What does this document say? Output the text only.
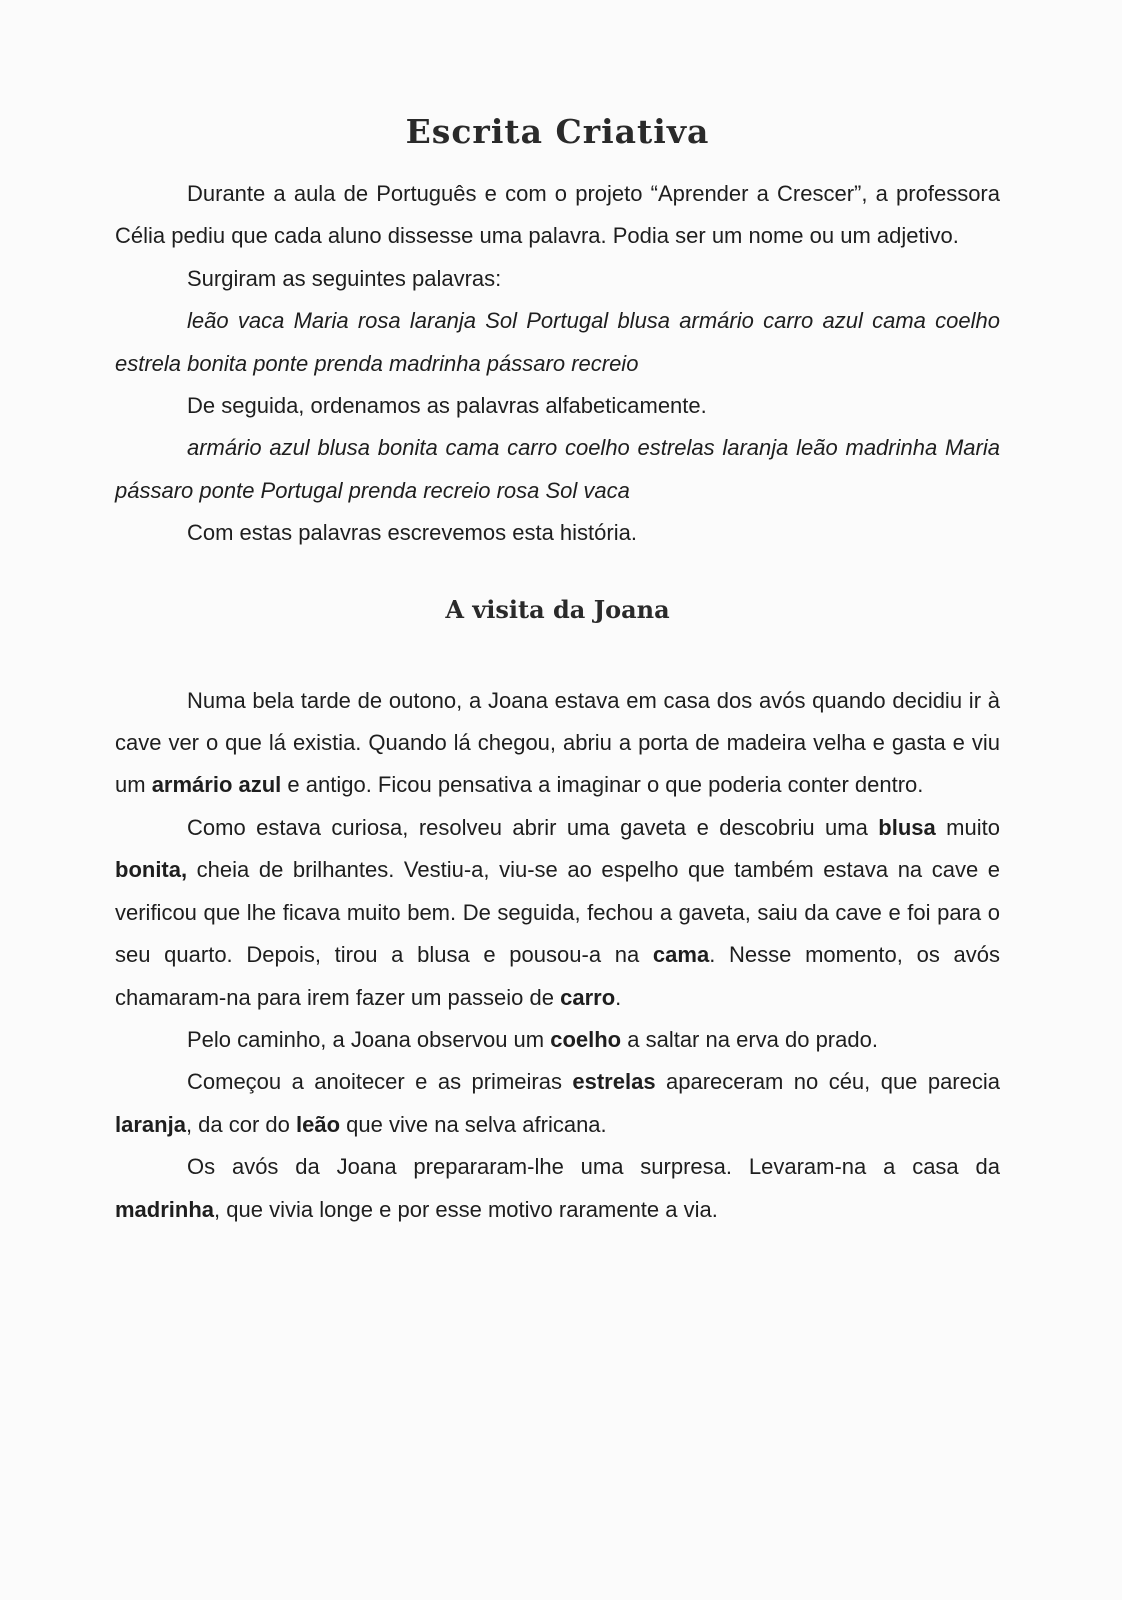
Escrita Criativa

Durante a aula de Português e com o projeto “Aprender a Crescer”, a professora Célia pediu que cada aluno dissesse uma palavra. Podia ser um nome ou um adjetivo.

Surgiram as seguintes palavras:

leão vaca Maria rosa laranja Sol Portugal blusa armário carro azul cama coelho estrela bonita ponte prenda madrinha pássaro recreio

De seguida, ordenamos as palavras alfabeticamente.

armário azul blusa bonita cama carro coelho estrelas laranja leão madrinha Maria pássaro ponte Portugal prenda recreio rosa Sol vaca

Com estas palavras escrevemos esta história.

A visita da Joana

Numa bela tarde de outono, a Joana estava em casa dos avós quando decidiu ir à cave ver o que lá existia. Quando lá chegou, abriu a porta de madeira velha e gasta e viu um armário azul e antigo. Ficou pensativa a imaginar o que poderia conter dentro.

Como estava curiosa, resolveu abrir uma gaveta e descobriu uma blusa muito bonita, cheia de brilhantes. Vestiu-a, viu-se ao espelho que também estava na cave e verificou que lhe ficava muito bem. De seguida, fechou a gaveta, saiu da cave e foi para o seu quarto. Depois, tirou a blusa e pousou-a na cama. Nesse momento, os avós chamaram-na para irem fazer um passeio de carro.

Pelo caminho, a Joana observou um coelho a saltar na erva do prado.

Começou a anoitecer e as primeiras estrelas apareceram no céu, que parecia laranja, da cor do leão que vive na selva africana.

Os avós da Joana prepararam-lhe uma surpresa. Levaram-na a casa da madrinha, que vivia longe e por esse motivo raramente a via.
